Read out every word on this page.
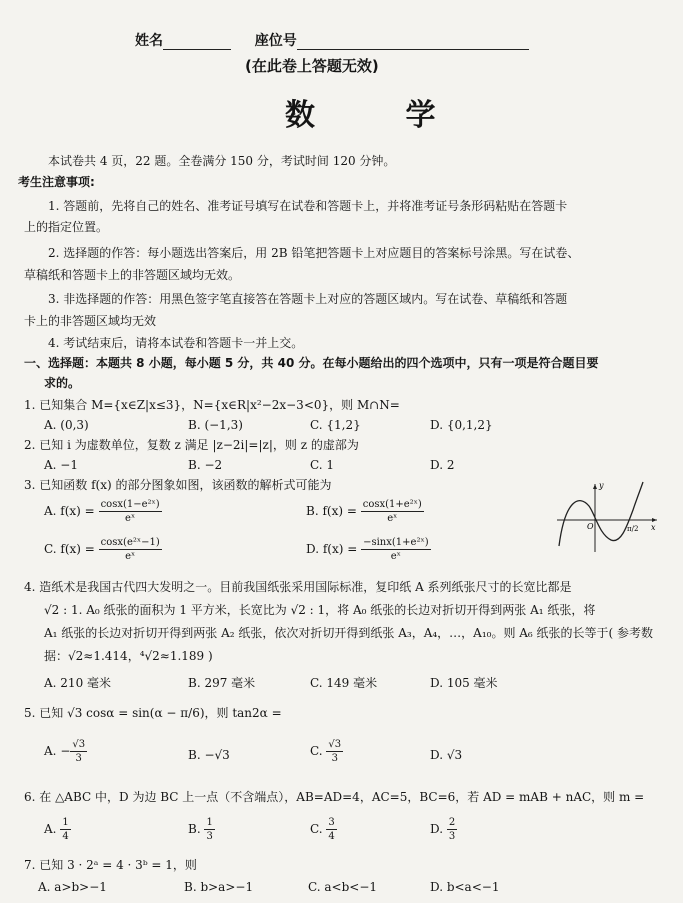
姓名	座位号
(在此卷上答题无效)
数 学
本试卷共 4 页，22 题。全卷满分 150 分，考试时间 120 分钟。
考生注意事项:
1. 答题前，先将自己的姓名、准考证号填写在试卷和答题卡上，并将准考证号条形码粘贴在答题卡
上的指定位置。
2. 选择题的作答：每小题选出答案后，用 2B 铅笔把答题卡上对应题目的答案标号涂黑。写在试卷、
草稿纸和答题卡上的非答题区域均无效。
3. 非选择题的作答：用黑色签字笔直接答在答题卡上对应的答题区域内。写在试卷、草稿纸和答题
卡上的非答题区域均无效
4. 考试结束后，请将本试卷和答题卡一并上交。
一、选择题：本题共 8 小题，每小题 5 分，共 40 分。在每小题给出的四个选项中，只有一项是符合题目要
求的。
1. 已知集合 M={x∈Z|x≤3}，N={x∈R|x²−2x−3<0}，则 M∩N=
A. (0,3)	B. (−1,3)	C. {1,2}	D. {0,1,2}
2. 已知 i 为虚数单位，复数 z 满足 |z−2i|=|z|，则 z 的虚部为
A. −1	B. −2	C. 1	D. 2
3. 已知函数 f(x) 的部分图象如图，该函数的解析式可能为
A. $f(x) = \frac{\text{cosx(1−e²ˣ)}}{\text{eˣ}}$	B. $f(x) = \frac{\text{cosx(1+e²ˣ)}}{\text{eˣ}}$
C. $f(x) = \frac{\text{cosx(e²ˣ−1)}}{\text{eˣ}}$	D. $f(x) = \frac{\text{−sinx(1+e²ˣ)}}{\text{eˣ}}$
y
O	x
π/2
4. 造纸术是我国古代四大发明之一。目前我国纸张采用国际标准，复印纸 A 系列纸张尺寸的长宽比都是
√2 : 1. A₀ 纸张的面积为 1 平方米，长宽比为 √2 : 1，将 A₀ 纸张的长边对折切开得到两张 A₁ 纸张，将
A₁ 纸张的长边对折切开得到两张 A₂ 纸张，依次对折切开得到纸张 A₃，A₄，…，A₁₀。则 A₆ 纸张的长等于( 参考数
据：√2≈1.414，⁴√2≈1.189 )
A. 210 毫米	B. 297 毫米	C. 149 毫米	D. 105 毫米
5. 已知 √3 cosα = sin(α − π/6)，则 tan2α =
A. − $\frac{√3}{3}$	B. −√3	C. $\frac{√3}{3}$	D. √3
6. 在 △ABC 中，D 为边 BC 上一点（不含端点），AB=AD=4，AC=5，BC=6，若 AD = mAB + nAC，则 m =
A. $\frac{1}{4}$	B. $\frac{1}{3}$	C. $\frac{3}{4}$	D. $\frac{2}{3}$
7. 已知 3 · 2ᵃ = 4 · 3ᵇ = 1，则
A. a>b>−1	B. b>a>−1	C. a<b<−1	D. b<a<−1
